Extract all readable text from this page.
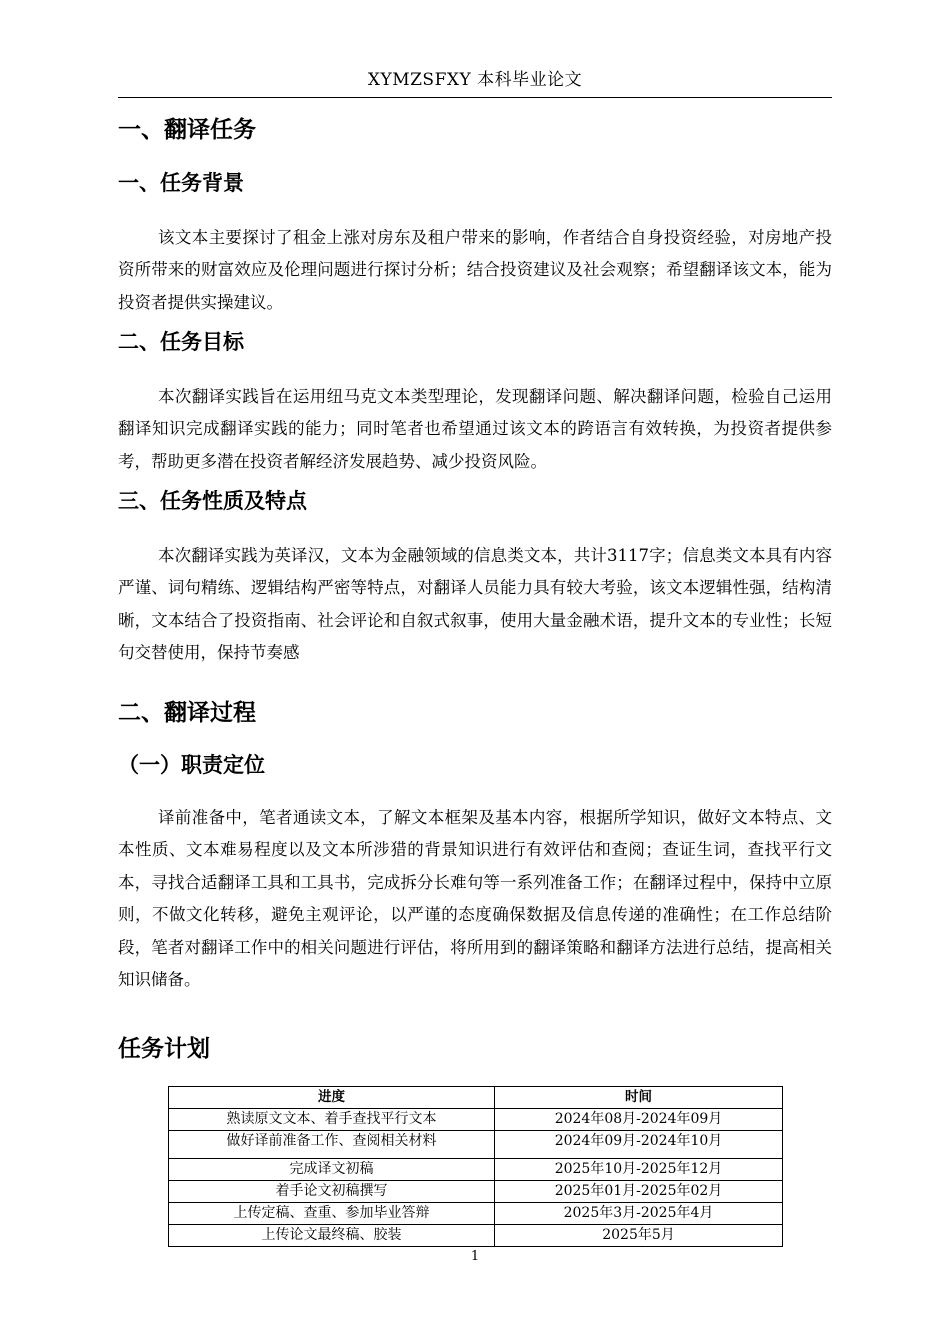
XYMZSFXY 本科毕业论文
一、翻译任务
一、任务背景

该文本主要探讨了租金上涨对房东及租户带来的影响，作者结合自身投资经验，对房地产投资所带来的财富效应及伦理问题进行探讨分析；结合投资建议及社会观察；希望翻译该文本，能为投资者提供实操建议。

二、任务目标

本次翻译实践旨在运用纽马克文本类型理论，发现翻译问题、解决翻译问题，检验自己运用翻译知识完成翻译实践的能力；同时笔者也希望通过该文本的跨语言有效转换，为投资者提供参考，帮助更多潜在投资者解经济发展趋势、减少投资风险。

三、任务性质及特点

本次翻译实践为英译汉，文本为金融领域的信息类文本，共计3117字；信息类文本具有内容严谨、词句精练、逻辑结构严密等特点，对翻译人员能力具有较大考验，该文本逻辑性强，结构清晰，文本结合了投资指南、社会评论和自叙式叙事，使用大量金融术语，提升文本的专业性；长短句交替使用，保持节奏感

二、翻译过程
（一）职责定位

译前准备中，笔者通读文本，了解文本框架及基本内容，根据所学知识，做好文本特点、文本性质、文本难易程度以及文本所涉猎的背景知识进行有效评估和查阅；查证生词，查找平行文本，寻找合适翻译工具和工具书，完成拆分长难句等一系列准备工作；在翻译过程中，保持中立原则，不做文化转移，避免主观评论，以严谨的态度确保数据及信息传递的准确性；在工作总结阶段，笔者对翻译工作中的相关问题进行评估，将所用到的翻译策略和翻译方法进行总结，提高相关知识储备。

任务计划
进度	时间
熟读原文文本、着手查找平行文本	2024年08月-2024年09月
做好译前准备工作、查阅相关材料	2024年09月-2024年10月
完成译文初稿	2025年10月-2025年12月
着手论文初稿撰写	2025年01月-2025年02月
上传定稿、查重、参加毕业答辩	2025年3月-2025年4月
上传论文最终稿、胶装	2025年5月
1
